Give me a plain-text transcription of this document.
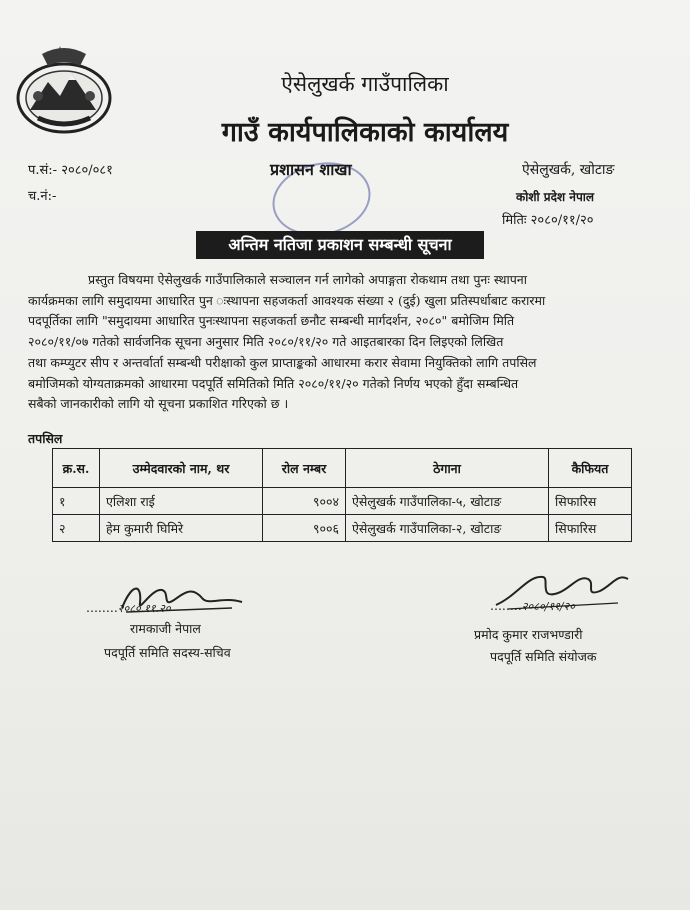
ऐसेलुखर्क गाउँपालिका
गाउँ कार्यपालिकाको कार्यालय
प.सं:- २०८०/०८१
च.नं:-
प्रशासन शाखा	ऐसेलुखर्क, खोटाङ
कोशी प्रदेश नेपाल
मितिः २०८०/११/२०
अन्तिम नतिजा प्रकाशन सम्बन्धी सूचना
प्रस्तुत विषयमा ऐसेलुखर्क गाउँपालिकाले सञ्चालन गर्न लागेको अपाङ्गता रोकथाम तथा पुनः स्थापना
कार्यक्रमका लागि समुदायमा आधारित पुन ःस्थापना सहजकर्ता आवश्यक संख्या २ (दुई) खुला प्रतिस्पर्धाबाट करारमा
पदपूर्तिका लागि "समुदायमा आधारित पुनःस्थापना सहजकर्ता छनौट सम्बन्धी मार्गदर्शन, २०८०" बमोजिम मिति
२०८०/११/०७ गतेको सार्वजनिक सूचना अनुसार मिति २०८०/११/२० गते आइतबारका दिन लिइएको लिखित
तथा कम्प्युटर सीप र अन्तर्वार्ता सम्बन्धी परीक्षाको कुल प्राप्ताङ्कको आधारमा करार सेवामा नियुक्तिको लागि तपसिल
बमोजिमको योग्यताक्रमको आधारमा पदपूर्ति समितिको मिति २०८०/११/२० गतेको निर्णय भएको हुँदा सम्बन्धित
सबैको जानकारीको लागि यो सूचना प्रकाशित गरिएको छ ।
तपसिल
क्र.स.	उम्मेदवारको नाम, थर	रोल नम्बर	ठेगाना	कैफियत
१	एलिशा राई	९००४	ऐसेलुखर्क गाउँपालिका-५, खोटाङ	सिफारिस
२	हेम कुमारी घिमिरे	९००६	ऐसेलुखर्क गाउँपालिका-२, खोटाङ	सिफारिस
........२०८०.११.२०
रामकाजी नेपाल
पदपूर्ति समिति सदस्य-सचिव
........२०८०/११/२०
प्रमोद कुमार राजभण्डारी
पदपूर्ति समिति संयोजक
